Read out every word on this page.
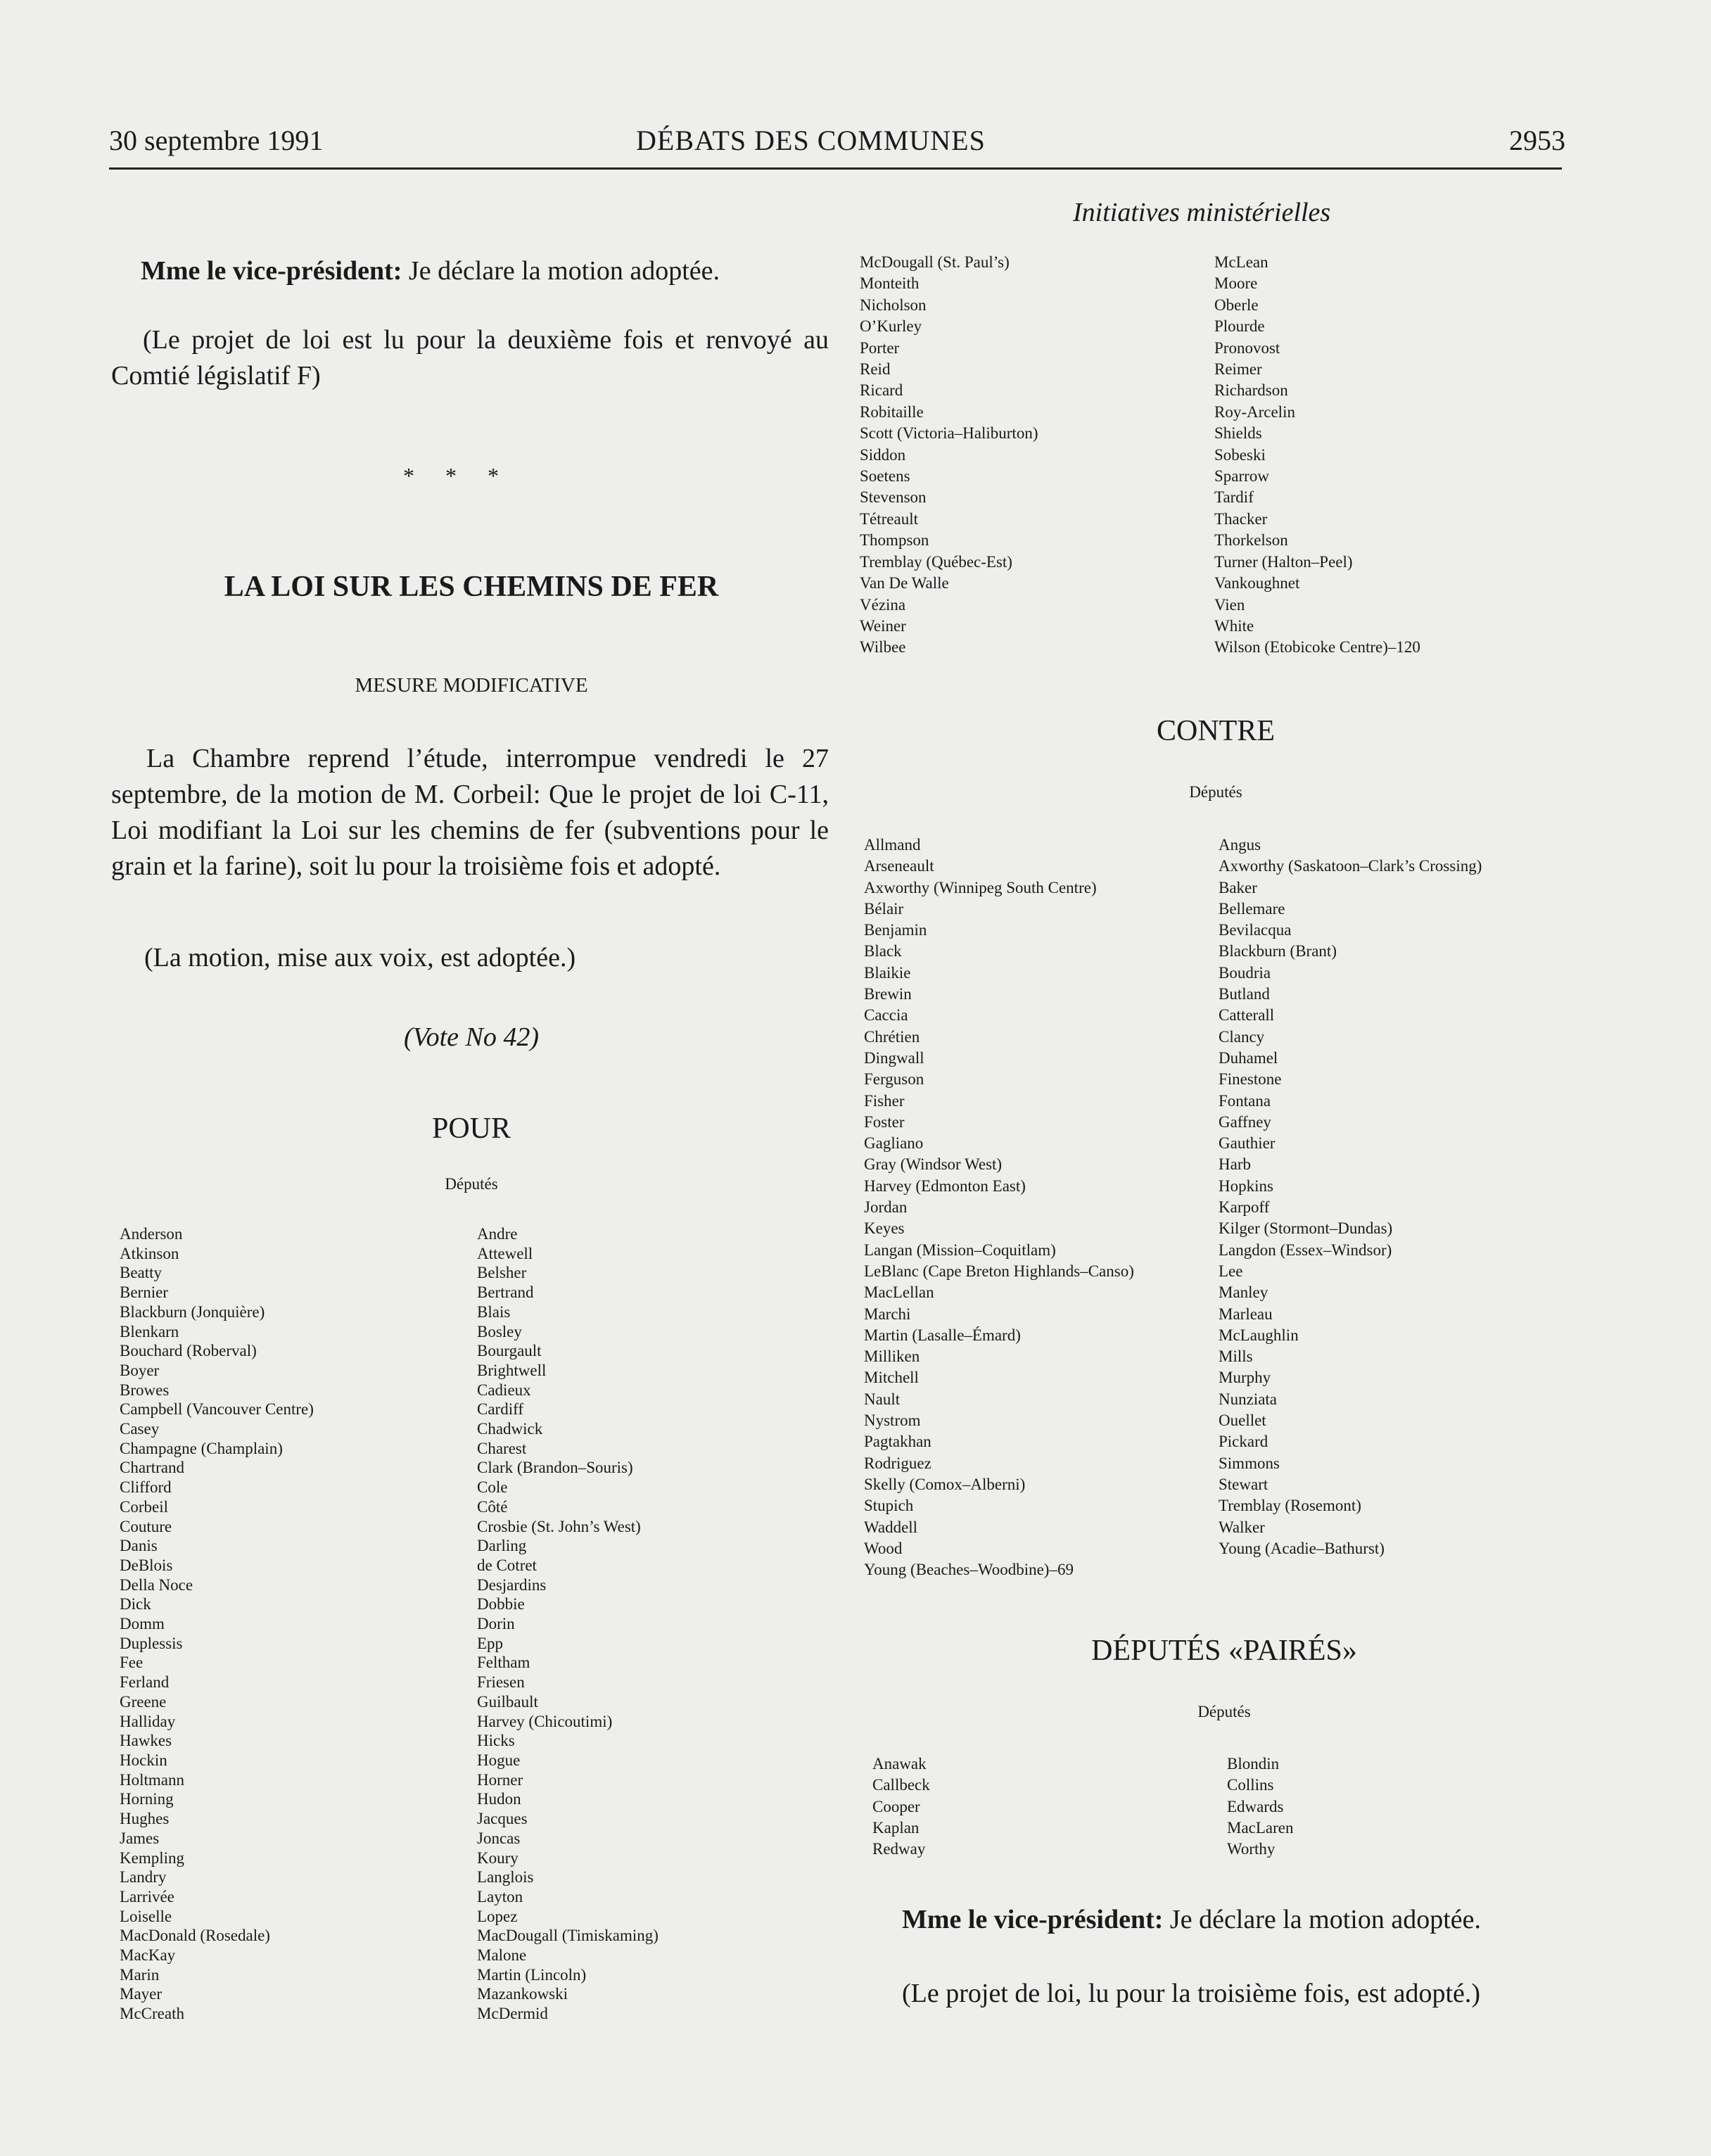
30 septembre 1991	DÉBATS DES COMMUNES	2953
Initiatives ministérielles
Mme le vice-président: Je déclare la motion adoptée.
(Le projet de loi est lu pour la deuxième fois et renvoyé au Comtié législatif F)
* * *
LA LOI SUR LES CHEMINS DE FER
MESURE MODIFICATIVE
La Chambre reprend l’étude, interrompue vendredi le 27 septembre, de la motion de M. Corbeil: Que le projet de loi C-11, Loi modifiant la Loi sur les chemins de fer (subventions pour le grain et la farine), soit lu pour la troisième fois et adopté.
(La motion, mise aux voix, est adoptée.)
(Vote No 42)
POUR
Députés
Anderson
Atkinson
Beatty
Bernier
Blackburn (Jonquière)
Blenkarn
Bouchard (Roberval)
Boyer
Browes
Campbell (Vancouver Centre)
Casey
Champagne (Champlain)
Chartrand
Clifford
Corbeil
Couture
Danis
DeBlois
Della Noce
Dick
Domm
Duplessis
Fee
Ferland
Greene
Halliday
Hawkes
Hockin
Holtmann
Horning
Hughes
James
Kempling
Landry
Larrivée
Loiselle
MacDonald (Rosedale)
MacKay
Marin
Mayer
McCreath
Andre
Attewell
Belsher
Bertrand
Blais
Bosley
Bourgault
Brightwell
Cadieux
Cardiff
Chadwick
Charest
Clark (Brandon–Souris)
Cole
Côté
Crosbie (St. John’s West)
Darling
de Cotret
Desjardins
Dobbie
Dorin
Epp
Feltham
Friesen
Guilbault
Harvey (Chicoutimi)
Hicks
Hogue
Horner
Hudon
Jacques
Joncas
Koury
Langlois
Layton
Lopez
MacDougall (Timiskaming)
Malone
Martin (Lincoln)
Mazankowski
McDermid
McDougall (St. Paul’s)
Monteith
Nicholson
O’Kurley
Porter
Reid
Ricard
Robitaille
Scott (Victoria–Haliburton)
Siddon
Soetens
Stevenson
Tétreault
Thompson
Tremblay (Québec-Est)
Van De Walle
Vézina
Weiner
Wilbee
McLean
Moore
Oberle
Plourde
Pronovost
Reimer
Richardson
Roy-Arcelin
Shields
Sobeski
Sparrow
Tardif
Thacker
Thorkelson
Turner (Halton–Peel)
Vankoughnet
Vien
White
Wilson (Etobicoke Centre)–120
CONTRE
Députés
Allmand
Arseneault
Axworthy (Winnipeg South Centre)
Bélair
Benjamin
Black
Blaikie
Brewin
Caccia
Chrétien
Dingwall
Ferguson
Fisher
Foster
Gagliano
Gray (Windsor West)
Harvey (Edmonton East)
Jordan
Keyes
Langan (Mission–Coquitlam)
LeBlanc (Cape Breton Highlands–Canso)
MacLellan
Marchi
Martin (Lasalle–Émard)
Milliken
Mitchell
Nault
Nystrom
Pagtakhan
Rodriguez
Skelly (Comox–Alberni)
Stupich
Waddell
Wood
Young (Beaches–Woodbine)–69
Angus
Axworthy (Saskatoon–Clark’s Crossing)
Baker
Bellemare
Bevilacqua
Blackburn (Brant)
Boudria
Butland
Catterall
Clancy
Duhamel
Finestone
Fontana
Gaffney
Gauthier
Harb
Hopkins
Karpoff
Kilger (Stormont–Dundas)
Langdon (Essex–Windsor)
Lee
Manley
Marleau
McLaughlin
Mills
Murphy
Nunziata
Ouellet
Pickard
Simmons
Stewart
Tremblay (Rosemont)
Walker
Young (Acadie–Bathurst)
DÉPUTÉS «PAIRÉS»
Députés
Anawak
Callbeck
Cooper
Kaplan
Redway
Blondin
Collins
Edwards
MacLaren
Worthy
Mme le vice-président: Je déclare la motion adoptée.
(Le projet de loi, lu pour la troisième fois, est adopté.)
